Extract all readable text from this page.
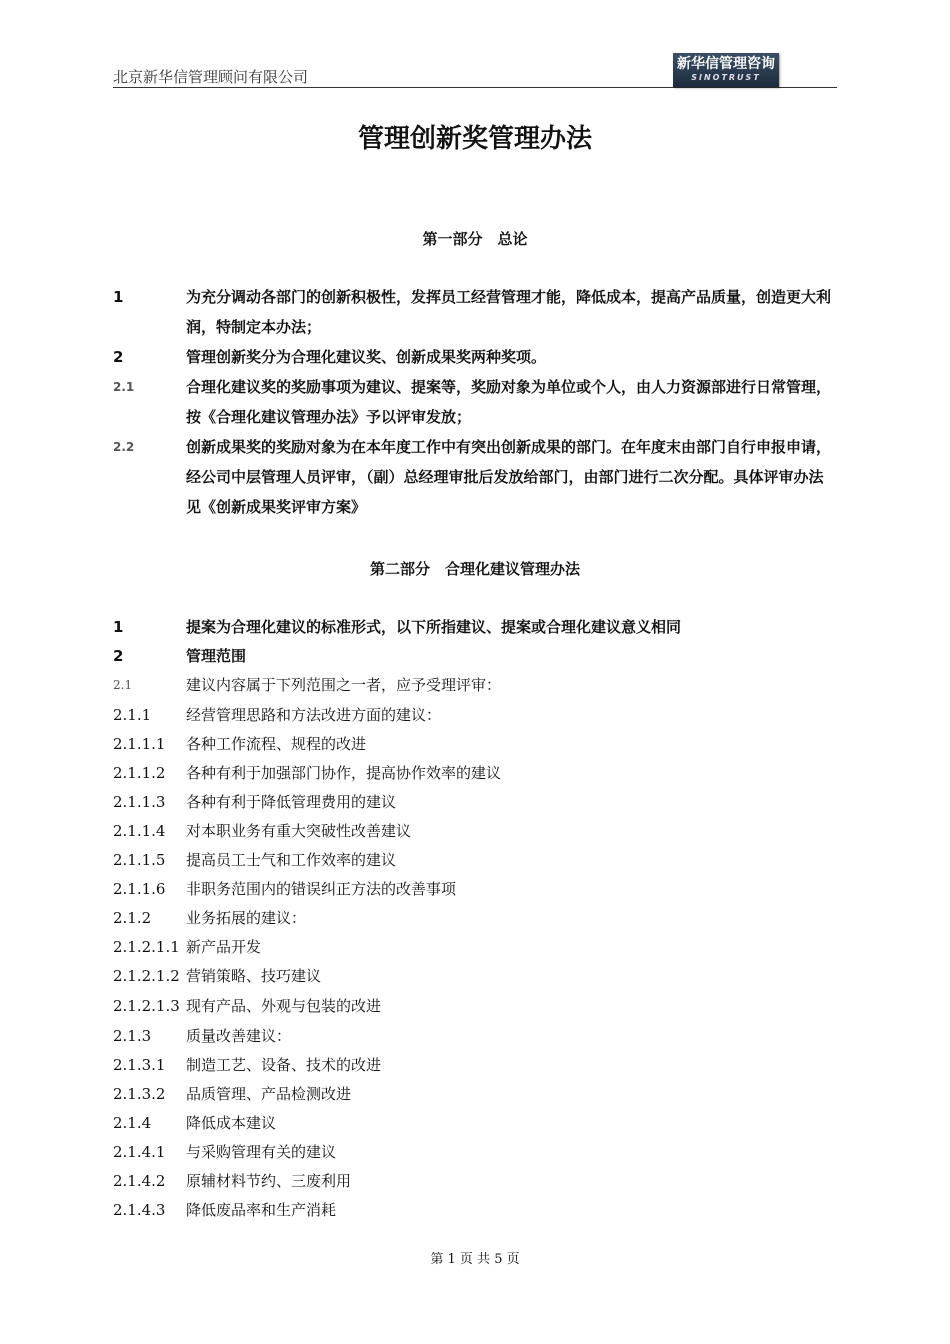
北京新华信管理顾问有限公司
新华信管理咨询
SINOTRUST
管理创新奖管理办法
第一部分　总论
1	为充分调动各部门的创新积极性，发挥员工经营管理才能，降低成本，提高产品质量，创造更大利润，特制定本办法；
2	管理创新奖分为合理化建议奖、创新成果奖两种奖项。
2.1	合理化建议奖的奖励事项为建议、提案等，奖励对象为单位或个人，由人力资源部进行日常管理，按《合理化建议管理办法》予以评审发放；
2.2	创新成果奖的奖励对象为在本年度工作中有突出创新成果的部门。在年度末由部门自行申报申请，经公司中层管理人员评审，（副）总经理审批后发放给部门，由部门进行二次分配。具体评审办法见《创新成果奖评审方案》
第二部分　合理化建议管理办法
1	提案为合理化建议的标准形式，以下所指建议、提案或合理化建议意义相同
2	管理范围
2.1	建议内容属于下列范围之一者，应予受理评审：
2.1.1 经营管理思路和方法改进方面的建议：
2.1.1.1 各种工作流程、规程的改进
2.1.1.2 各种有利于加强部门协作，提高协作效率的建议
2.1.1.3 各种有利于降低管理费用的建议
2.1.1.4 对本职业务有重大突破性改善建议
2.1.1.5 提高员工士气和工作效率的建议
2.1.1.6 非职务范围内的错误纠正方法的改善事项
2.1.2 业务拓展的建议：
2.1.2.1.1 新产品开发
2.1.2.1.2 营销策略、技巧建议
2.1.2.1.3 现有产品、外观与包装的改进
2.1.3 质量改善建议：
2.1.3.1 制造工艺、设备、技术的改进
2.1.3.2 品质管理、产品检测改进
2.1.4 降低成本建议
2.1.4.1 与采购管理有关的建议
2.1.4.2 原辅材料节约、三废利用
2.1.4.3 降低废品率和生产消耗
第 1 页 共 5 页
